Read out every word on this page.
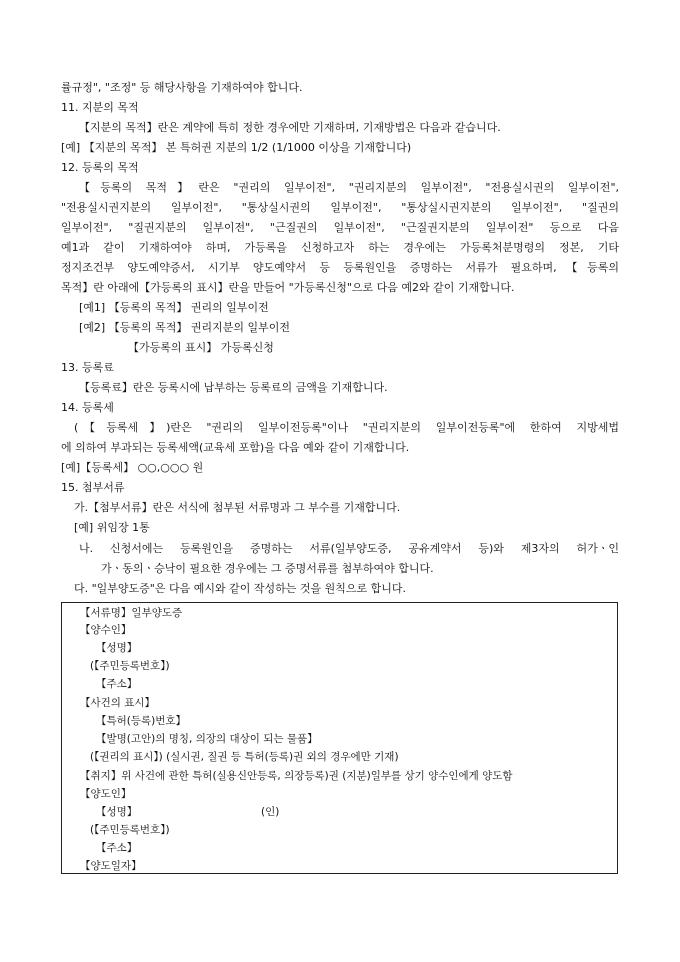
률규정", "조정" 등 해당사항을 기재하여야 합니다.
11. 지분의 목적
【지분의 목적】란은 계약에 특히 정한 경우에만 기재하며, 기재방법은 다음과 같습니다.
[예] 【지분의 목적】 본 특허권 지분의 1/2 (1/1000 이상을 기재합니다)
12. 등록의 목적
【등록의 목적】란은 "권리의 일부이전", "권리지분의 일부이전", "전용실시권의 일부이전",
"전용실시권지분의 일부이전", "통상실시권의 일부이전", "통상실시권지분의 일부이전", "질권의
일부이전", "질권지분의 일부이전", "근질권의 일부이전", "근질권지분의 일부이전" 등으로 다음
예1과 같이 기재하여야 하며, 가등록을 신청하고자 하는 경우에는 가등록처분명령의 정본, 기타
정지조건부 양도예약증서, 시기부 양도예약서 등 등록원인을 증명하는 서류가 필요하며,【등록의
목적】란 아래에【가등록의 표시】란을 만들어 "가등록신청"으로 다음 예2와 같이 기재합니다.
[예1] 【등록의 목적】 권리의 일부이전
[예2] 【등록의 목적】 권리지분의 일부이전
【가등록의 표시】 가등록신청
13. 등록료
【등록료】란은 등록시에 납부하는 등록료의 금액을 기재합니다.
14. 등록세
(【등록세】)란은 "권리의 일부이전등록"이나 "권리지분의 일부이전등록"에 한하여 지방세법
에 의하여 부과되는 등록세액(교육세 포함)을 다음 예와 같이 기재합니다.
[예]【등록세】 ○○,○○○ 원
15. 첨부서류
가.【첨부서류】란은 서식에 첨부된 서류명과 그 부수를 기재합니다.
[예] 위임장 1통
나. 신청서에는 등록원인을 증명하는 서류(일부양도증, 공유계약서 등)와 제3자의 허가ㆍ인
가ㆍ동의ㆍ승낙이 필요한 경우에는 그 증명서류를 첨부하여야 합니다.
다. "일부양도증"은 다음 예시와 같이 작성하는 것을 원칙으로 합니다.
【서류명】일부양도증
【양수인】
【성명】
(【주민등록번호】)
【주소】
【사건의 표시】
【특허(등록)번호】
【발명(고안)의 명칭, 의장의 대상이 되는 물품】
(【권리의 표시】) (실시권, 질권 등 특허(등록)권 외의 경우에만 기재)
【취지】위 사건에 관한 특허(실용신안등록, 의장등록)권 (지분)일부를 상기 양수인에게 양도함
【양도인】
【성명】	(인)
(【주민등록번호】)
【주소】
【양도일자】
